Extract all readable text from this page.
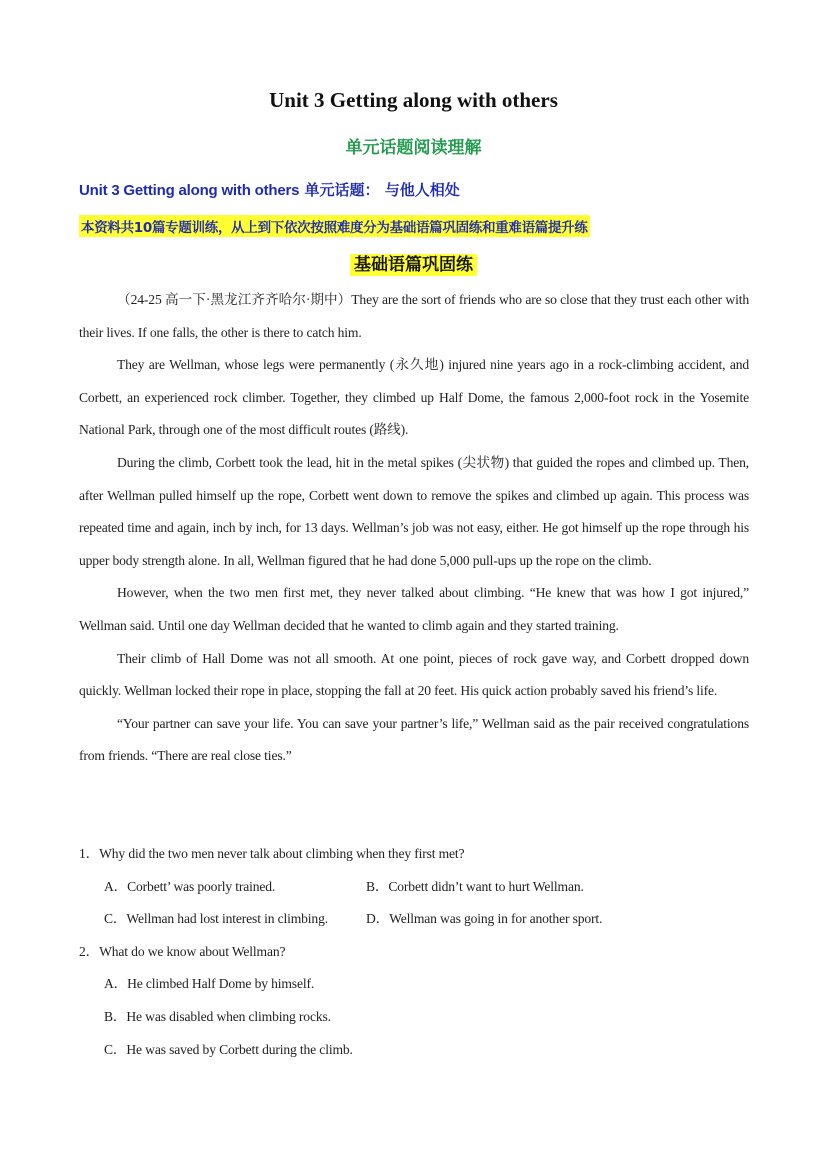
Unit 3 Getting along with others
单元话题阅读理解
Unit 3 Getting along with others 单元话题： 与他人相处
本资料共10篇专题训练，从上到下依次按照难度分为基础语篇巩固练和重难语篇提升练
基础语篇巩固练

（24-25 高一下·黑龙江齐齐哈尔·期中）They are the sort of friends who are so close that they trust each other with their lives. If one falls, the other is there to catch him.

They are Wellman, whose legs were permanently (永久地) injured nine years ago in a rock-climbing accident, and Corbett, an experienced rock climber. Together, they climbed up Half Dome, the famous 2,000-foot rock in the Yosemite National Park, through one of the most difficult routes (路线).

During the climb, Corbett took the lead, hit in the metal spikes (尖状物) that guided the ropes and climbed up. Then, after Wellman pulled himself up the rope, Corbett went down to remove the spikes and climbed up again. This process was repeated time and again, inch by inch, for 13 days. Wellman’s job was not easy, either. He got himself up the rope through his upper body strength alone. In all, Wellman figured that he had done 5,000 pull-ups up the rope on the climb.

However, when the two men first met, they never talked about climbing. “He knew that was how I got injured,” Wellman said. Until one day Wellman decided that he wanted to climb again and they started training.

Their climb of Hall Dome was not all smooth. At one point, pieces of rock gave way, and Corbett dropped down quickly. Wellman locked their rope in place, stopping the fall at 20 feet. His quick action probably saved his friend’s life.

“Your partner can save your life. You can save your partner’s life,” Wellman said as the pair received congratulations from friends. “There are real close ties.”

1．Why did the two men never talk about climbing when they first met?

A．Corbett’ was poorly trained.	B．Corbett didn’t want to hurt Wellman.
C．Wellman had lost interest in climbing.	D．Wellman was going in for another sport.

2．What do we know about Wellman?

A．He climbed Half Dome by himself.

B．He was disabled when climbing rocks.

C．He was saved by Corbett during the climb.
